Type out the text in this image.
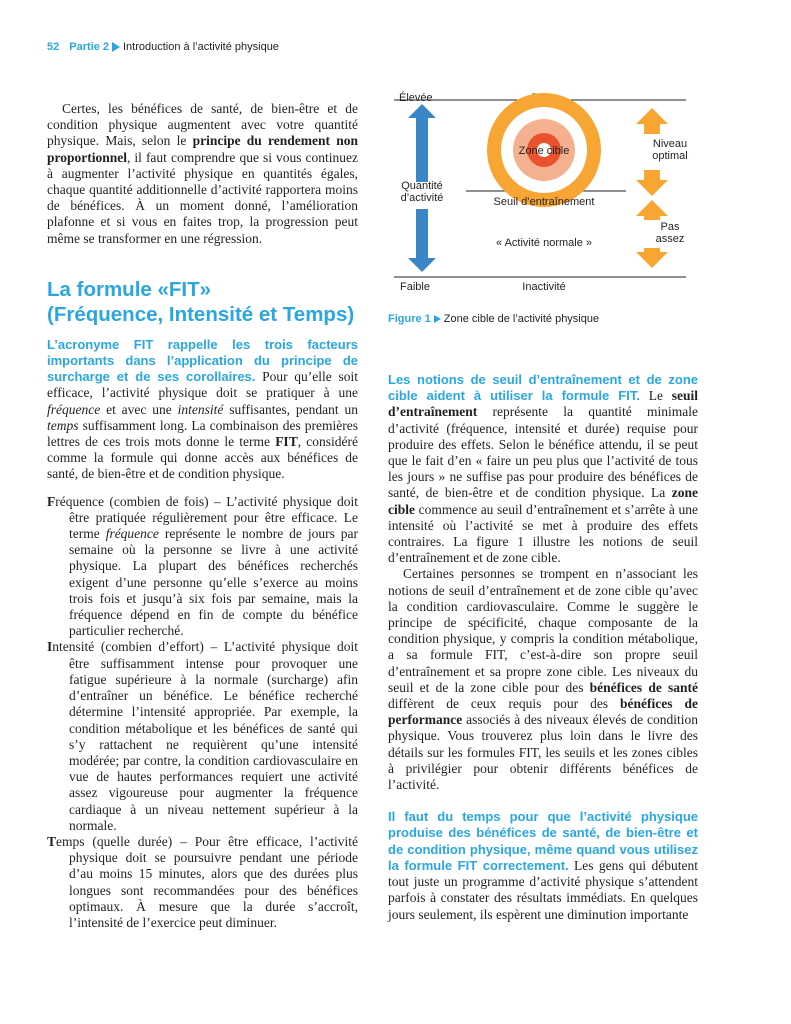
52 Partie 2 Introduction à l’activité physique

Certes, les bénéfices de santé, de bien-être et de condition physique augmentent avec votre quantité physique. Mais, selon le principe du rendement non proportionnel, il faut comprendre que si vous continuez à augmenter l’activité physique en quantités égales, chaque quantité additionnelle d’activité rapportera moins de bénéfices. À un moment donné, l’amélioration plafonne et si vous en faites trop, la progression peut même se transformer en une régression.

La formule «FIT»
(Fréquence, Intensité et Temps)

L’acronyme FIT rappelle les trois facteurs importants dans l’application du principe de surcharge et de ses corollaires. Pour qu’elle soit efficace, l’activité physique doit se pratiquer à une fréquence et avec une intensité suffisantes, pendant un temps suffisamment long. La combinaison des premières lettres de ces trois mots donne le terme FIT, considéré comme la formule qui donne accès aux bénéfices de santé, de bien-être et de condition physique.

Fréquence (combien de fois) – L’activité physique doit être pratiquée régulièrement pour être efficace. Le terme fréquence représente le nombre de jours par semaine où la personne se livre à une activité physique. La plupart des bénéfices recherchés exigent d’une personne qu’elle s’exerce au moins trois fois et jusqu’à six fois par semaine, mais la fréquence dépend en fin de compte du bénéfice particulier recherché.

Intensité (combien d’effort) – L’activité physique doit être suffisamment intense pour provoquer une fatigue supérieure à la normale (surcharge) afin d’entraîner un bénéfice. Le bénéfice recherché détermine l’intensité appropriée. Par exemple, la condition métabolique et les bénéfices de santé qui s’y rattachent ne requièrent qu’une intensité modérée; par contre, la condition cardiovasculaire en vue de hautes performances requiert une activité assez vigoureuse pour augmenter la fréquence cardiaque à un niveau nettement supérieur à la normale.

Temps (quelle durée) – Pour être efficace, l’activité physique doit se poursuivre pendant une période d’au moins 15 minutes, alors que des durées plus longues sont recommandées pour des bénéfices optimaux. À mesure que la durée s’accroît, l’intensité de l’exercice peut diminuer.

Élevée
Quantité
d’activité
Zone cible
Seuil d’entraînement
« Activité normale »
Niveau
optimal
Pas
assez
Faible	Inactivité
Figure 1 Zone cible de l’activité physique

Les notions de seuil d’entraînement et de zone cible aident à utiliser la formule FIT. Le seuil d’entraînement représente la quantité minimale d’activité (fréquence, intensité et durée) requise pour produire des effets. Selon le bénéfice attendu, il se peut que le fait d’en « faire un peu plus que l’activité de tous les jours » ne suffise pas pour produire des bénéfices de santé, de bien-être et de condition physique. La zone cible commence au seuil d’entraînement et s’arrête à une intensité où l’activité se met à produire des effets contraires. La figure 1 illustre les notions de seuil d’entraînement et de zone cible.

Certaines personnes se trompent en n’associant les notions de seuil d’entraînement et de zone cible qu’avec la condition cardiovasculaire. Comme le suggère le principe de spécificité, chaque composante de la condition physique, y compris la condition métabolique, a sa formule FIT, c’est-à-dire son propre seuil d’entraînement et sa propre zone cible. Les niveaux du seuil et de la zone cible pour des bénéfices de santé diffèrent de ceux requis pour des bénéfices de performance associés à des niveaux élevés de condition physique. Vous trouverez plus loin dans le livre des détails sur les formules FIT, les seuils et les zones cibles à privilégier pour obtenir différents bénéfices de l’activité.

Il faut du temps pour que l’activité physique produise des bénéfices de santé, de bien-être et de condition physique, même quand vous utilisez la formule FIT correctement. Les gens qui débutent tout juste un programme d’activité physique s’attendent parfois à constater des résultats immédiats. En quelques jours seulement, ils espèrent une diminution importante
